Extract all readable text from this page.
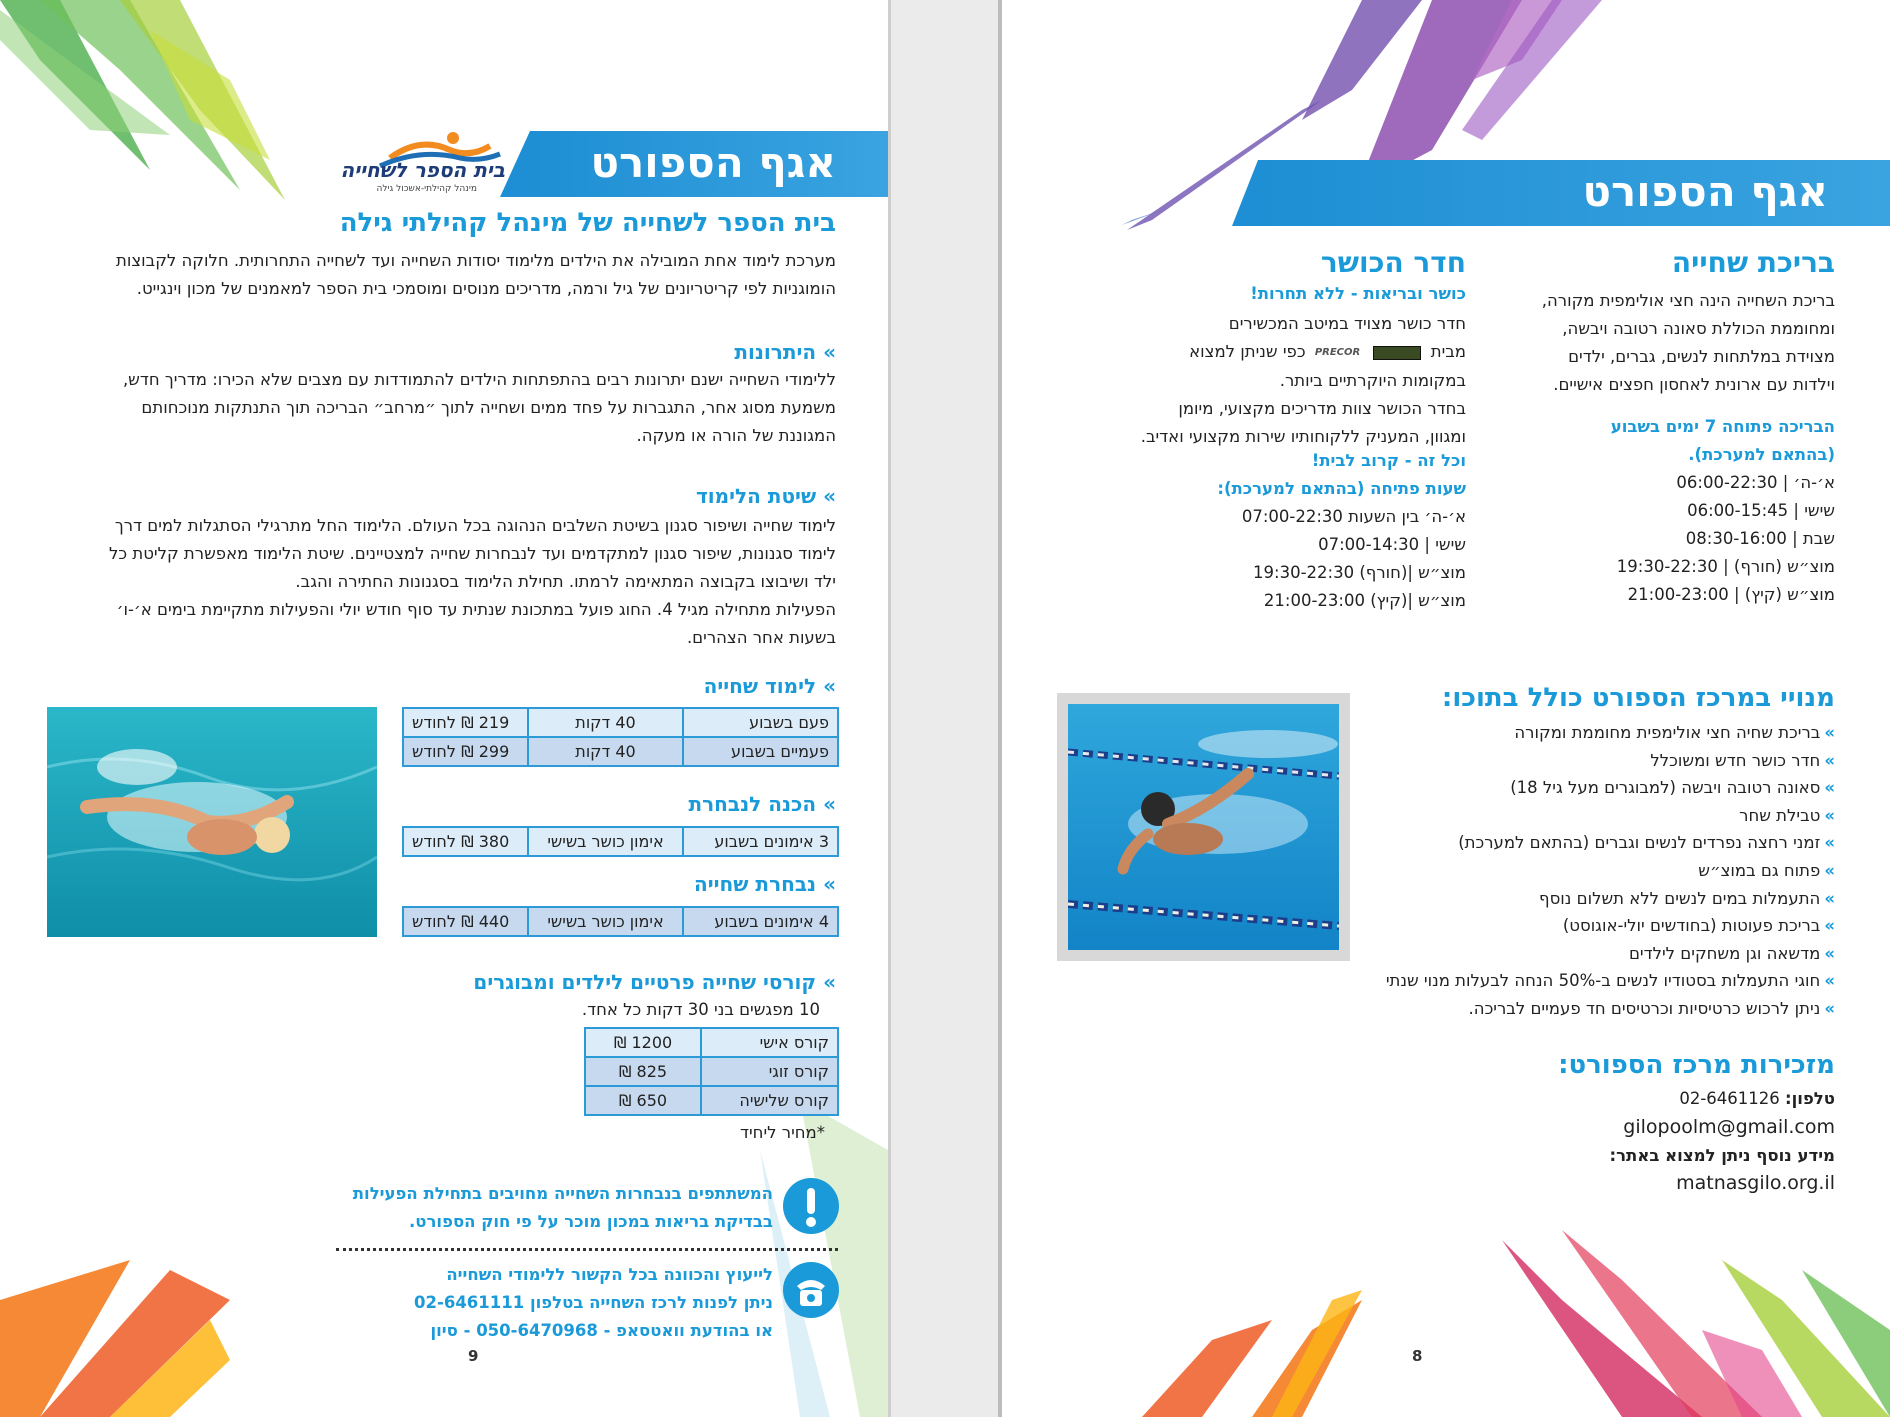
אגף הספורט
בית הספר לשחייה
מינהל קהילתי-אשכול גילה
בית הספר לשחייה של מינהל קהילתי גילה
מערכת לימוד אחת המובילה את הילדים מלימוד יסודות השחייה ועד לשחייה התחרותית. חלוקה לקבוצות
הומוגניות לפי קריטריונים של גיל ורמה, מדריכים מנוסים ומוסמכי בית הספר למאמנים של מכון וינגייט.
» היתרונות
ללימודי השחייה ישנם יתרונות רבים בהתפתחות הילדים להתמודדות עם מצבים שלא הכירו: מדריך חדש,
משמעת מסוג אחר, התגברות על פחד ממים ושחייה לתוך ״מרחב״ הבריכה תוך התנתקות מנוכחותם
המגוננת של הורה או מעקה.
» שיטת הלימוד
לימוד שחייה ושיפור סגנון בשיטת השלבים הנהוגה בכל העולם. הלימוד החל מתרגילי הסתגלות למים דרך
לימוד סגנונות, שיפור סגנון למתקדמים ועד לנבחרות שחייה למצטיינים. שיטת הלימוד מאפשרת קליטת כל
ילד ושיבוצו בקבוצה המתאימה לרמתו. תחילת הלימוד בסגנונות החתירה והגב.
הפעילות מתחילה מגיל 4. החוג פועל במתכונת שנתית עד סוף חודש יולי והפעילות מתקיימת בימים א׳-ו׳
בשעות אחר הצהרים.
» לימוד שחייה
פעם בשבוע	40 דקות	219 ₪ לחודש
פעמיים בשבוע	40 דקות	299 ₪ לחודש
» הכנה לנבחרת
3 אימונים בשבוע	אימון כושר בשישי	380 ₪ לחודש
» נבחרת שחייה
4 אימונים בשבוע	אימון כושר בשישי	440 ₪ לחודש
» קורסי שחייה פרטיים לילדים ומבוגרים
10 מפגשים בני 30 דקות כל אחד.
קורס אישי	1200 ₪
קורס זוגי	825 ₪
קורס שלישיה	650 ₪
*מחיר ליחיד
המשתתפים בנבחרות השחייה מחויבים בתחילת הפעילות
בבדיקת בריאות במכון מוכר על פי חוק הספורט.
לייעוץ והכוונה בכל הקשור ללימודי השחייה
ניתן לפנות לרכז השחייה בטלפון 02-6461111
או בהודעת וואטסאפ - 050-6470968 - סיון
9
אגף הספורט
בריכת שחייה
בריכת השחייה הינה חצי אולימפית מקורה,
ומחוממת הכוללת סאונה רטובה ויבשה,
מצוידת במלתחות לנשים, גברים, ילדים
וילדות עם ארונית לאחסון חפצים אישיים.
הבריכה פתוחה 7 ימים בשבוע
(בהתאם למערכת).
א׳-ה׳ | 06:00-22:30
שישי | 06:00-15:45
שבת | 08:30-16:00
מוצ״ש (חורף) | 19:30-22:30
מוצ״ש (קיץ) | 21:00-23:00
חדר הכושר
כושר ובריאות - ללא תחרות!
חדר כושר מצויד במיטב המכשירים
מבית  PRECOR כפי שניתן למצוא
במקומות היוקרתיים ביותר.
בחדר הכושר צוות מדריכים מקצועי, מיומן
ומגוון, המעניק ללקוחותיו שירות מקצועי ואדיב.
וכל זה - קרוב לבית!
שעות פתיחה (בהתאם למערכת):
א׳-ה׳ בין השעות 07:00-22:30
שישי | 07:00-14:30
מוצ״ש |(חורף) 19:30-22:30
מוצ״ש |(קיץ) 21:00-23:00
מנויי במרכז הספורט כולל בתוכו:
»בריכת שחיה חצי אולימפית מחוממת ומקורה
»חדר כושר חדש ומשוכלל
»סאונה רטובה ויבשה (למבוגרים מעל גיל 18)
»טבילת שחר
»זמני רחצה נפרדים לנשים וגברים (בהתאם למערכת)
»פתוח גם במוצ״ש
»התעמלות במים לנשים ללא תשלום נוסף
»בריכת פעוטות (בחודשים יולי-אוגוסט)
»מדשאה וגן משחקים לילדים
»חוגי התעמלות בסטודיו לנשים ב-50% הנחה לבעלות מנוי שנתי
»ניתן לרכוש כרטיסיות וכרטיסים חד פעמיים לבריכה.
מזכירות מרכז הספורט:
טלפון: 02-6461126
gilopoolm@gmail.com
מידע נוסף ניתן למצוא באתר:
matnasgilo.org.il
8
